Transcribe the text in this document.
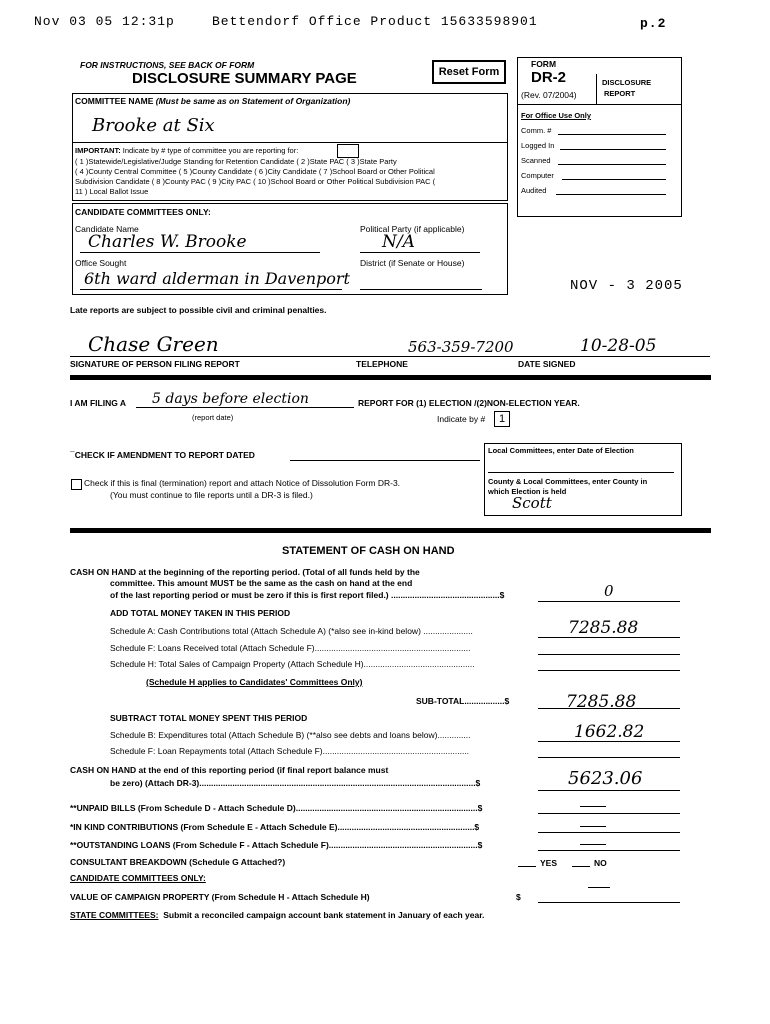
Nov 03 05 12:31p	Bettendorf Office Product 15633598901	p.2
FOR INSTRUCTIONS, SEE BACK OF FORM
DISCLOSURE SUMMARY PAGE	Reset Form
FORM
DR-2
(Rev. 07/2004)
DISCLOSURE
REPORT
For Office Use Only
Comm. #
Logged In
Scanned
Computer
Audited
COMMITTEE NAME (Must be same as on Statement of Organization)
Brooke at Six
IMPORTANT: Indicate by # type of committee you are reporting for:
( 1 )Statewide/Legislative/Judge Standing for Retention Candidate ( 2 )State PAC ( 3 )State Party
( 4 )County Central Committee ( 5 )County Candidate ( 6 )City Candidate ( 7 )School Board or Other Political
Subdivision Candidate ( 8 )County PAC ( 9 )City PAC ( 10 )School Board or Other Political Subdivision PAC (
11 ) Local Ballot Issue
CANDIDATE COMMITTEES ONLY:
Candidate Name
Charles W. Brooke
Political Party (if applicable)
N/A
Office Sought
6th ward alderman in Davenport
District (if Senate or House)
NOV - 3 2005
Late reports are subject to possible civil and criminal penalties.
Chase Green	563-359-7200	10-28-05
SIGNATURE OF PERSON FILING REPORT	TELEPHONE	DATE SIGNED
I AM FILING A 5 days before election	REPORT FOR (1) ELECTION /(2)NON-ELECTION YEAR.
(report date)	Indicate by #	1
¯CHECK IF AMENDMENT TO REPORT DATED
Check if this is final (termination) report and attach Notice of Dissolution Form DR-3.
(You must continue to file reports until a DR-3 is filed.)
Local Committees, enter Date of Election
County & Local Committees, enter County in
which Election is held
Scott
STATEMENT OF CASH ON HAND
CASH ON HAND at the beginning of the reporting period. (Total of all funds held by the
committee. This amount MUST be the same as the cash on hand at the end
of the last reporting period or must be zero if this is first report filed.) ..............................................$	0
ADD TOTAL MONEY TAKEN IN THIS PERIOD
Schedule A: Cash Contributions total (Attach Schedule A) (*also see in-kind below) .....................	7285.88
Schedule F: Loans Received total (Attach Schedule F)..................................................................
Schedule H: Total Sales of Campaign Property (Attach Schedule H)...............................................
(Schedule H applies to Candidates' Committees Only)
SUB-TOTAL.................$	7285.88
SUBTRACT TOTAL MONEY SPENT THIS PERIOD
Schedule B: Expenditures total (Attach Schedule B) (**also see debts and loans below)..............	1662.82
Schedule F: Loan Repayments total (Attach Schedule F)..............................................................
CASH ON HAND at the end of this reporting period (if final report balance must
be zero) (Attach DR-3).....................................................................................................................$	5623.06
**UNPAID BILLS (From Schedule D - Attach Schedule D).............................................................................$
*IN KIND CONTRIBUTIONS (From Schedule E - Attach Schedule E)..........................................................$
**OUTSTANDING LOANS (From Schedule F - Attach Schedule F)...............................................................$
CONSULTANT BREAKDOWN (Schedule G Attached?)	YES	NO
CANDIDATE COMMITTEES ONLY:
VALUE OF CAMPAIGN PROPERTY (From Schedule H - Attach Schedule H)	$
STATE COMMITTEES: Submit a reconciled campaign account bank statement in January of each year.
